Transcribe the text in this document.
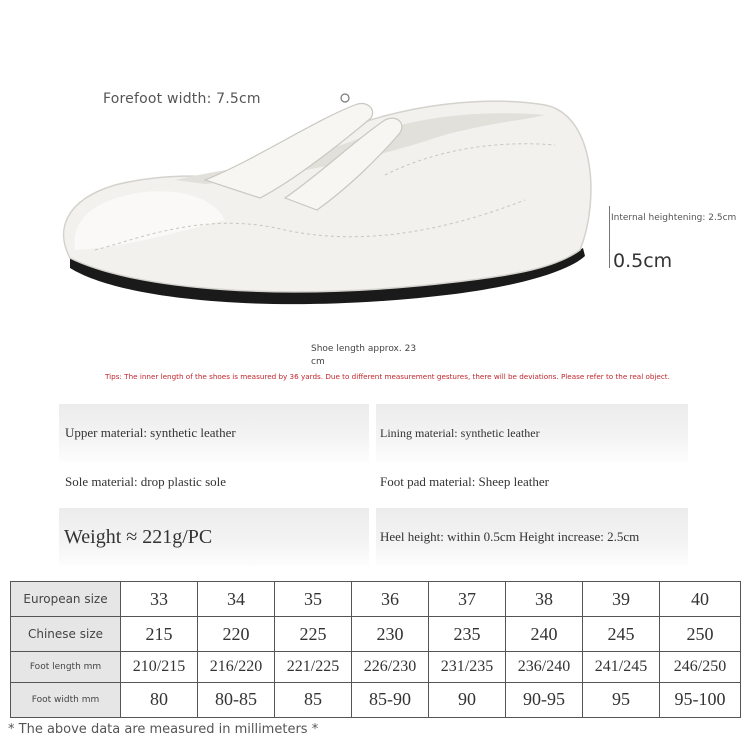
Forefoot width: 7.5cm
Internal heightening: 2.5cm
0.5cm
Shoe length approx. 23 cm
Tips: The inner length of the shoes is measured by 36 yards. Due to different measurement gestures, there will be deviations. Please refer to the real object.
Upper material: synthetic leather	Lining material: synthetic leather
Sole material: drop plastic sole	Foot pad material: Sheep leather
Weight ≈ 221g/PC	Heel height: within 0.5cm Height increase: 2.5cm
European size	33	34	35	36	37	38	39	40
Chinese size	215	220	225	230	235	240	245	250
Foot length mm	210/215	216/220	221/225	226/230	231/235	236/240	241/245	246/250
Foot width mm	80	80-85	85	85-90	90	90-95	95	95-100
* The above data are measured in millimeters *
